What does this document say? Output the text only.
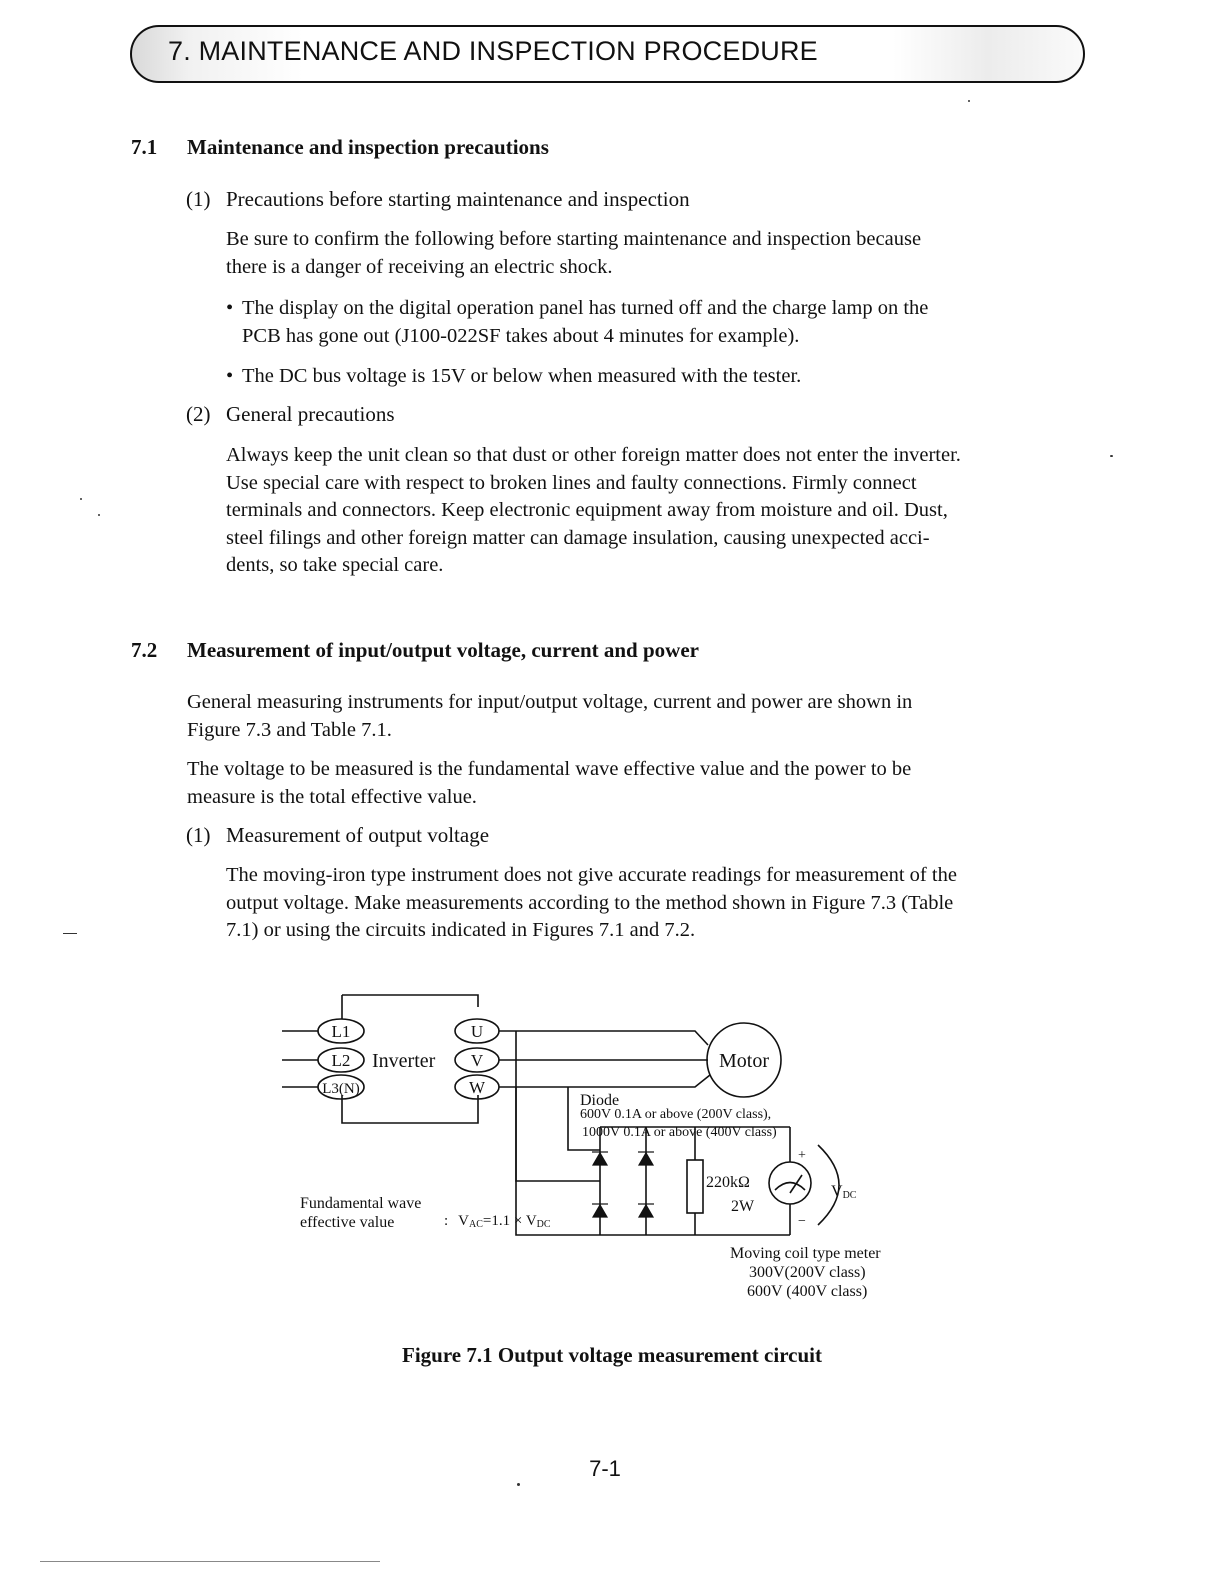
7. MAINTENANCE AND INSPECTION PROCEDURE
7.1 Maintenance and inspection precautions
(1) Precautions before starting maintenance and inspection
Be sure to confirm the following before starting maintenance and inspection because
there is a danger of receiving an electric shock.
• The display on the digital operation panel has turned off and the charge lamp on the
PCB has gone out (J100-022SF takes about 4 minutes for example).
• The DC bus voltage is 15V or below when measured with the tester.
(2) General precautions
Always keep the unit clean so that dust or other foreign matter does not enter the inverter.
Use special care with respect to broken lines and faulty connections. Firmly connect
terminals and connectors. Keep electronic equipment away from moisture and oil. Dust,
steel filings and other foreign matter can damage insulation, causing unexpected acci-
dents, so take special care.
7.2 Measurement of input/output voltage, current and power
General measuring instruments for input/output voltage, current and power are shown in
Figure 7.3 and Table 7.1.
The voltage to be measured is the fundamental wave effective value and the power to be
measure is the total effective value.
(1) Measurement of output voltage
The moving-iron type instrument does not give accurate readings for measurement of the
output voltage. Make measurements according to the method shown in Figure 7.3 (Table
7.1) or using the circuits indicated in Figures 7.1 and 7.2.
L1
L2
L3(N)
Inverter
U
V
W
Motor
Diode
600V 0.1A or above (200V class),
1000V 0.1A or above (400V class)
220kΩ
2W
+
−
VDC
Fundamental wave
effective value	: VAC=1.1 × VDC
Moving coil type meter
300V(200V class)
600V (400V class)
Figure 7.1 Output voltage measurement circuit
7-1
